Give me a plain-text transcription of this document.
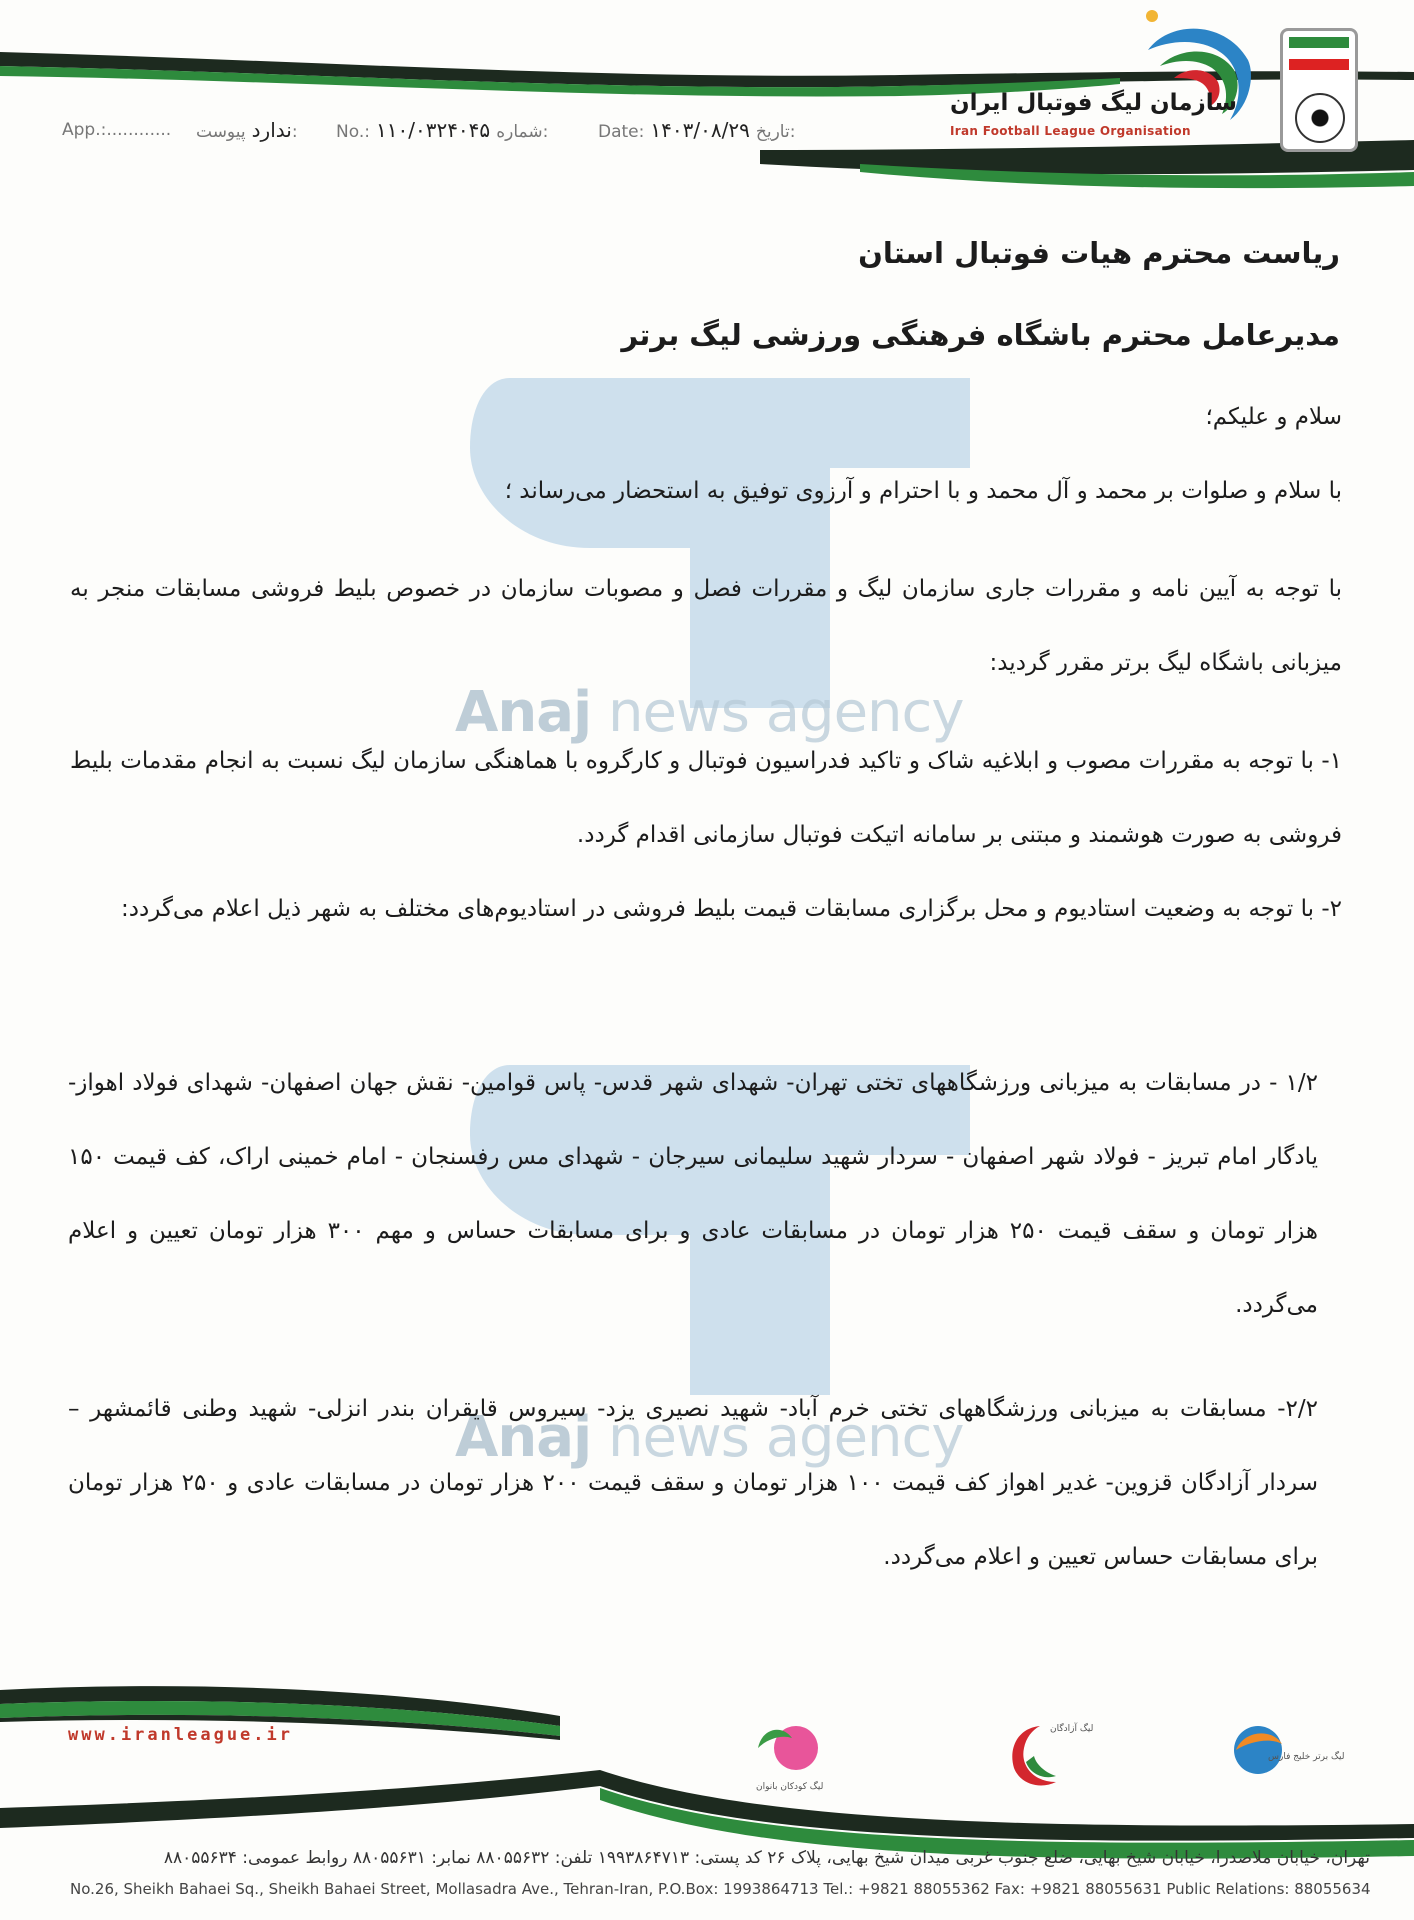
سازمان لیگ فوتبال ایران
Iran Football League Organisation
Date: ۱۴۰۳/۰۸/۲۹ تاریخ:
No.: ۱۱۰/۰۳۲۴۰۴۵ شماره:
ندارد پیوست:
App.:............
Anaj news agency
Anaj news agency
ریاست محترم هیات فوتبال استان
مدیرعامل محترم باشگاه فرهنگی ورزشی لیگ برتر
سلام و علیکم؛
با سلام و صلوات بر محمد و آل محمد و با احترام و آرزوی توفیق به استحضار می‌رساند ؛
با توجه به آیین نامه و مقررات جاری سازمان لیگ و مقررات فصل و مصوبات سازمان در خصوص بلیط فروشی مسابقات منجر به میزبانی باشگاه لیگ برتر مقرر گردید:
۱- با توجه به مقررات مصوب و ابلاغیه شاک و تاکید فدراسیون فوتبال و کارگروه با هماهنگی سازمان لیگ نسبت به انجام مقدمات بلیط فروشی به صورت هوشمند و مبتنی بر سامانه اتیکت فوتبال سازمانی اقدام گردد.
۲- با توجه به وضعیت استادیوم و محل برگزاری مسابقات قیمت بلیط فروشی در استادیوم‌های مختلف به شهر ذیل اعلام می‌گردد:
۱/۲ - در مسابقات به میزبانی ورزشگاههای تختی تهران- شهدای شهر قدس- پاس قوامین- نقش جهان اصفهان- شهدای فولاد اهواز- یادگار امام تبریز - فولاد شهر اصفهان - سردار شهید سلیمانی سیرجان - شهدای مس رفسنجان - امام خمینی اراک، کف قیمت ۱۵۰ هزار تومان و سقف قیمت ۲۵۰ هزار تومان در مسابقات عادی و برای مسابقات حساس و مهم ۳۰۰ هزار تومان تعیین و اعلام می‌گردد.
۲/۲- مسابقات به میزبانی ورزشگاههای تختی خرم آباد- شهید نصیری یزد- سیروس قایقران بندر انزلی- شهید وطنی قائمشهر – سردار آزادگان قزوین- غدیر اهواز کف قیمت ۱۰۰ هزار تومان و سقف قیمت ۲۰۰ هزار تومان در مسابقات عادی و ۲۵۰ هزار تومان برای مسابقات حساس تعیین و اعلام می‌گردد.
www.iranleague.ir
لیگ کودکان بانوان
لیگ آزادگان
لیگ برتر خلیج فارس
تهران، خیابان ملاصدرا، خیابان شیخ بهایی، ضلع جنوب غربی میدان شیخ بهایی، پلاک ۲۶ کد پستی: ۱۹۹۳۸۶۴۷۱۳ تلفن: ۸۸۰۵۵۶۳۲ نمابر: ۸۸۰۵۵۶۳۱ روابط عمومی: ۸۸۰۵۵۶۳۴
No.26, Sheikh Bahaei Sq., Sheikh Bahaei Street, Mollasadra Ave., Tehran-Iran, P.O.Box: 1993864713 Tel.: +9821 88055362 Fax: +9821 88055631 Public Relations: 88055634
